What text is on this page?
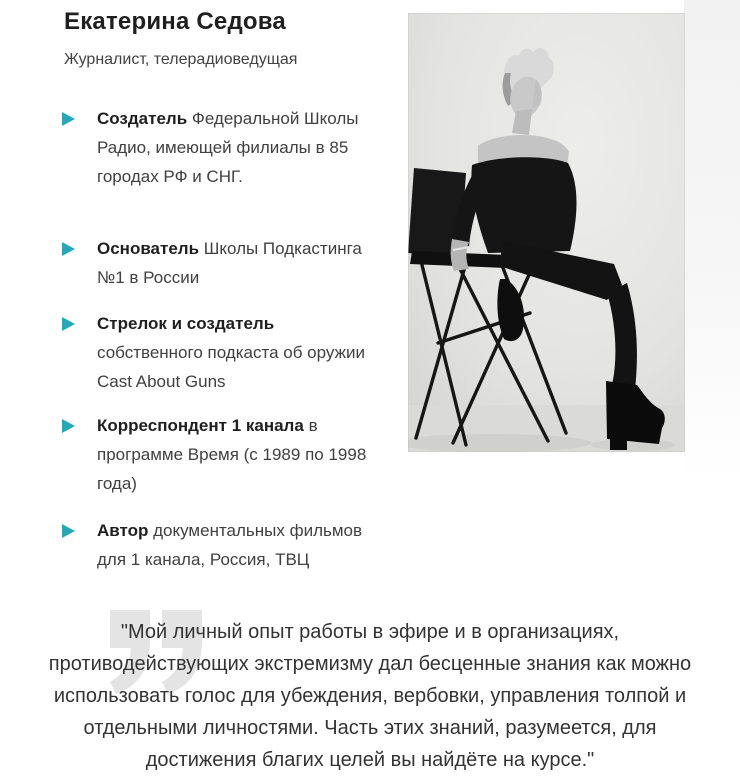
Екатерина Седова
Журналист, телерадиоведущая
Создатель Федеральной Школы Радио, имеющей филиалы в 85 городах РФ и СНГ.
Основатель Школы Подкастинга №1 в России
Стрелок и создатель собственного подкаста об оружии Cast About Guns
Корреспондент 1 канала в программе Время (с 1989 по 1998 года)
Автор документальных фильмов для 1 канала, Россия, ТВЦ
"Мой личный опыт работы в эфире и в организациях, противодействующих экстремизму дал бесценные знания как можно использовать голос для убеждения, вербовки, управления толпой и отдельными личностями. Часть этих знаний, разумеется, для достижения благих целей вы найдёте на курсе."
